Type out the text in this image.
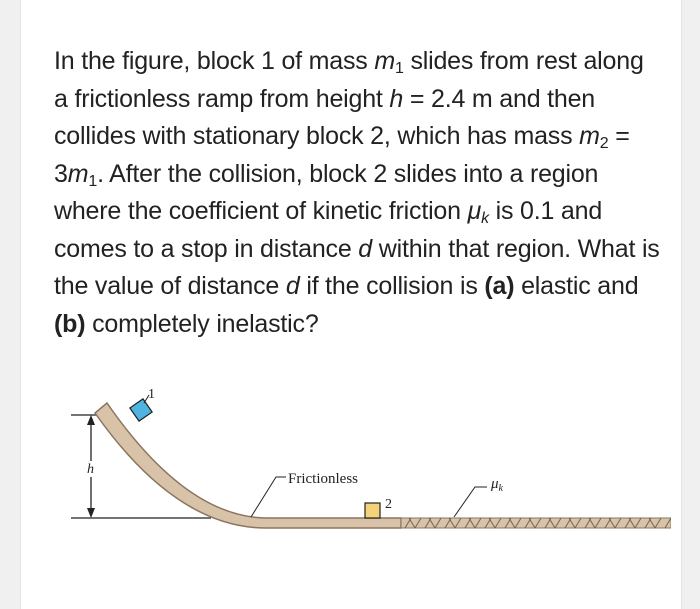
In the figure, block 1 of mass $m_1$ slides from rest along a frictionless ramp from height h = 2.4 m and then collides with stationary block 2, which has mass $m_2 = 3m_1$. After the collision, block 2 slides into a region where the coefficient of kinetic friction $\mu_k$ is 0.1 and comes to a stop in distance d within that region. What is the value of distance d if the collision is (a) elastic and (b) completely inelastic?

h
1
2
Frictionless	$\mu_k$
